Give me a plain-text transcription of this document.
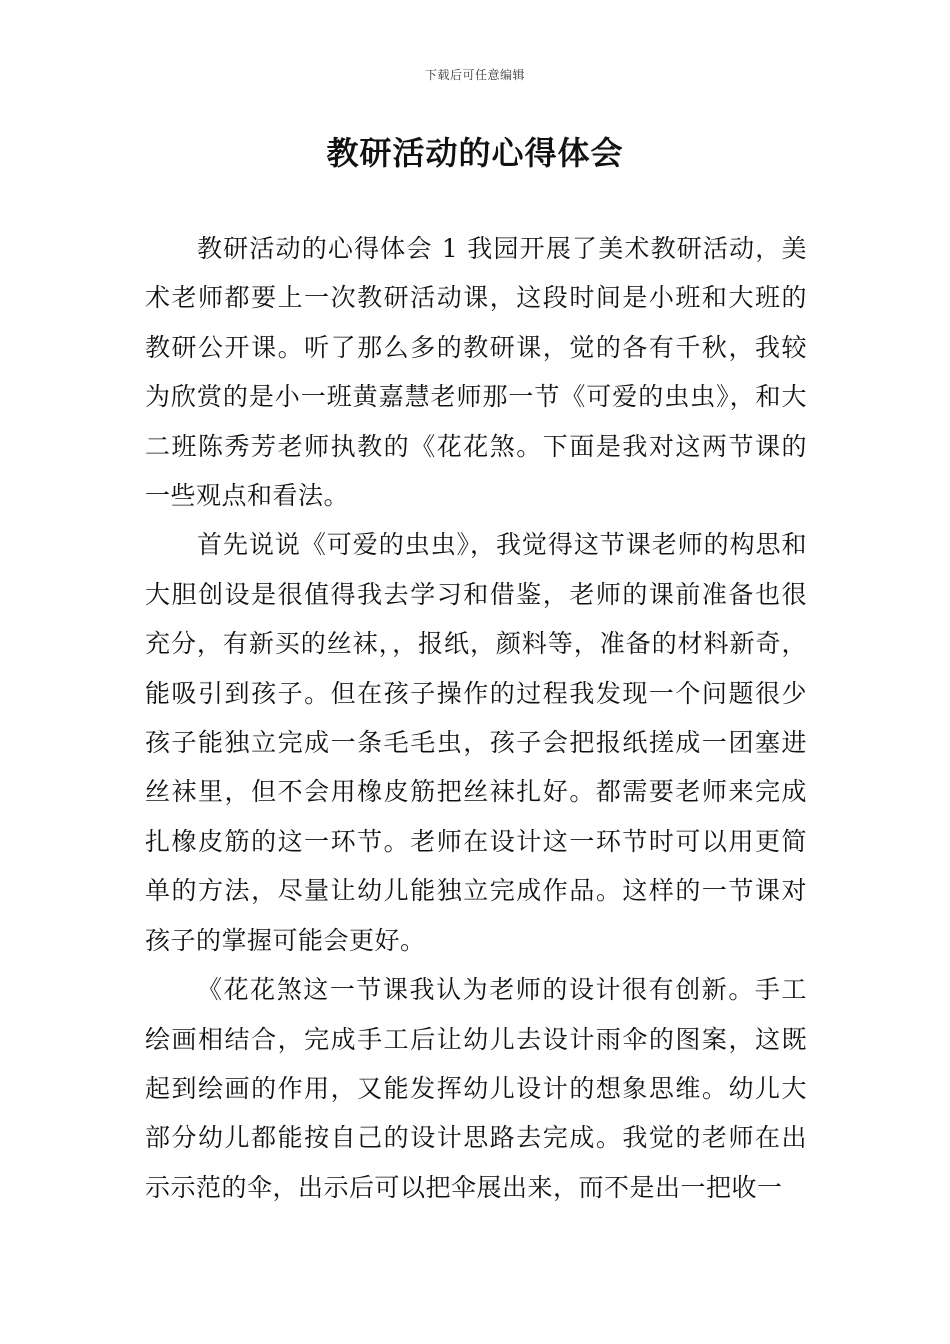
下载后可任意编辑
教研活动的心得体会

教研活动的心得体会 1 我园开展了美术教研活动，美术老师都要上一次教研活动课，这段时间是小班和大班的教研公开课。听了那么多的教研课，觉的各有千秋，我较为欣赏的是小一班黄嘉慧老师那一节《可爱的虫虫》，和大二班陈秀芳老师执教的《花花煞。下面是我对这两节课的一些观点和看法。

首先说说《可爱的虫虫》，我觉得这节课老师的构思和大胆创设是很值得我去学习和借鉴，老师的课前准备也很充分，有新买的丝袜，，报纸，颜料等，准备的材料新奇，能吸引到孩子。但在孩子操作的过程我发现一个问题很少孩子能独立完成一条毛毛虫，孩子会把报纸搓成一团塞进丝袜里，但不会用橡皮筋把丝袜扎好。都需要老师来完成扎橡皮筋的这一环节。老师在设计这一环节时可以用更简单的方法，尽量让幼儿能独立完成作品。这样的一节课对孩子的掌握可能会更好。

《花花煞这一节课我认为老师的设计很有创新。手工绘画相结合，完成手工后让幼儿去设计雨伞的图案，这既起到绘画的作用，又能发挥幼儿设计的想象思维。幼儿大部分幼儿都能按自己的设计思路去完成。我觉的老师在出示示范的伞，出示后可以把伞展出来，而不是出一把收一
